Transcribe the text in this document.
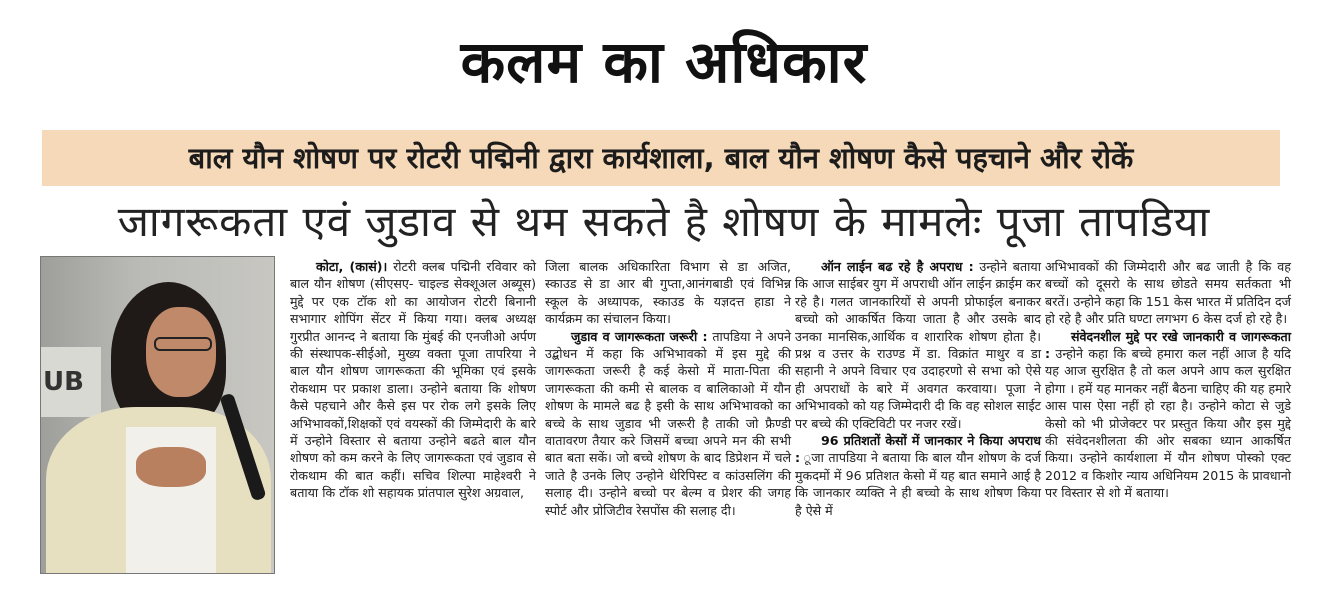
कलम का अधिकार
बाल यौन शोषण पर रोटरी पद्मिनी द्वारा कार्यशाला, बाल यौन शोषण कैसे पहचाने और रोकें
जागरूकता एवं जुडाव से थम सकते है शोषण के मामलेः पूजा तापडिया
UB

कोटा, (कासं)। रोटरी क्लब पद्मिनी रविवार को बाल यौन शोषण (सीएसए- चाइल्ड सेक्शूअल अब्यूस) मुद्दे पर एक टॉक शो का आयोजन रोटरी बिनानी सभागार शोपिंग सेंटर में किया गया। क्लब अध्यक्ष गुरप्रीत आनन्द ने बताया कि मुंबई की एनजीओ अर्पण की संस्थापक-सीईओ, मुख्य वक्ता पूजा तापरिया ने बाल यौन शोषण जागरूकता की भूमिका एवं इसके रोकथाम पर प्रकाश डाला। उन्होने बताया कि शोषण कैसे पहचाने और कैसे इस पर रोक लगे इसके लिए अभिभावकों,शिक्षकों एवं वयस्कों की जिम्मेदारी के बारे में उन्होने विस्तार से बताया उन्होने बढते बाल यौन शोषण को कम करने के लिए जागरूकता एवं जुडाव से रोकथाम की बात कहीं। सचिव शिल्पा माहेश्वरी ने बताया कि टॉक शो सहायक प्रांतपाल सुरेश अग्रवाल,

जिला बालक अधिकारिता विभाग से डा अजित, स्काउड से डा आर बी गुप्ता,आनंगबाडी एवं विभिन्न स्कूल के अध्यापक, स्काउड के यज्ञदत्त हाडा ने कार्यक्रम का संचालन किया।

जुडाव व जागरूकता जरूरी : तापडिया ने अपने उद्बोधन में कहा कि अभिभावको में इस मुद्दे की जागरूकता जरूरी है कई केसो में माता-पिता की जागरूकता की कमी से बालक व बालिकाओ में यौन शोषण के मामले बढ है इसी के साथ अभिभावको का बच्चे के साथ जुडाव भी जरूरी है ताकी जो फ्रैण्डी वातावरण तैयार करे जिसमें बच्चा अपने मन की सभी बात बता सकें। जो बच्चे शोषण के बाद डिप्रेशन में चले जाते है उनके लिए उन्होने थेरिपिस्ट व कांउसलिंग की सलाह दी। उन्होने बच्चो पर बेल्म व प्रेशर की जगह स्पोर्ट और प्रोजिटीव रेसपोंस की सलाह दी।

ऑन लाईन बढ रहे है अपराध : उन्होने बताया कि आज साईबर युग में अपराधी ऑन लाईन क्राईम कर रहे है। गलत जानकारियों से अपनी प्रोफाईल बनाकर बच्चो को आकर्षित किया जाता है और उसके बाद उनका मानसिक,आर्थिक व शारारिक शोषण होता है। प्रश्न व उत्तर के राउण्ड में डा. विक्रांत माथुर व डा सहानी ने अपने विचार एव उदाहरणो से सभा को ऐसे ही अपराधों के बारे में अवगत करवाया। पूजा ने अभिभावको को यह जिम्मेदारी दी कि वह सोशल साईट पर बच्चे की एक्टिविटी पर नजर रखें।

96 प्रतिशतों केसों में जानकार ने किया अपराध : ूजा तापडिया ने बताया कि बाल यौन शोषण के दर्ज मुकदमों में 96 प्रतिशत केसो में यह बात समाने आई है कि जानकार व्यक्ति ने ही बच्चो के साथ शोषण किया है ऐसे में

अभिभावकों की जिम्मेदारी और बढ जाती है कि वह बच्चों को दूसरो के साथ छोडते समय सर्तकता भी बरतें। उन्होने कहा कि 151 केस भारत में प्रतिदिन दर्ज हो रहे है और प्रति घण्टा लगभग 6 केस दर्ज हो रहे है।

संवेदनशील मुद्दे पर रखे जानकारी व जागरूकता : उन्होने कहा कि बच्चे हमारा कल नहीं आज है यदि यह आज सुरक्षित है तो कल अपने आप कल सुरक्षित होगा । हमें यह मानकर नहीं बैठना चाहिए की यह हमारे आस पास ऐसा नहीं हो रहा है। उन्होने कोटा से जुडे केसो को भी प्रोजेक्टर पर प्रस्तुत किया और इस मुद्दे की संवेदनशीलता की ओर सबका ध्यान आकर्षित किया। उन्होने कार्यशाला में यौन शोषण पोस्को एक्ट 2012 व किशोर न्याय अधिनियम 2015 के प्रावधानो पर विस्तार से शो में बताया।
